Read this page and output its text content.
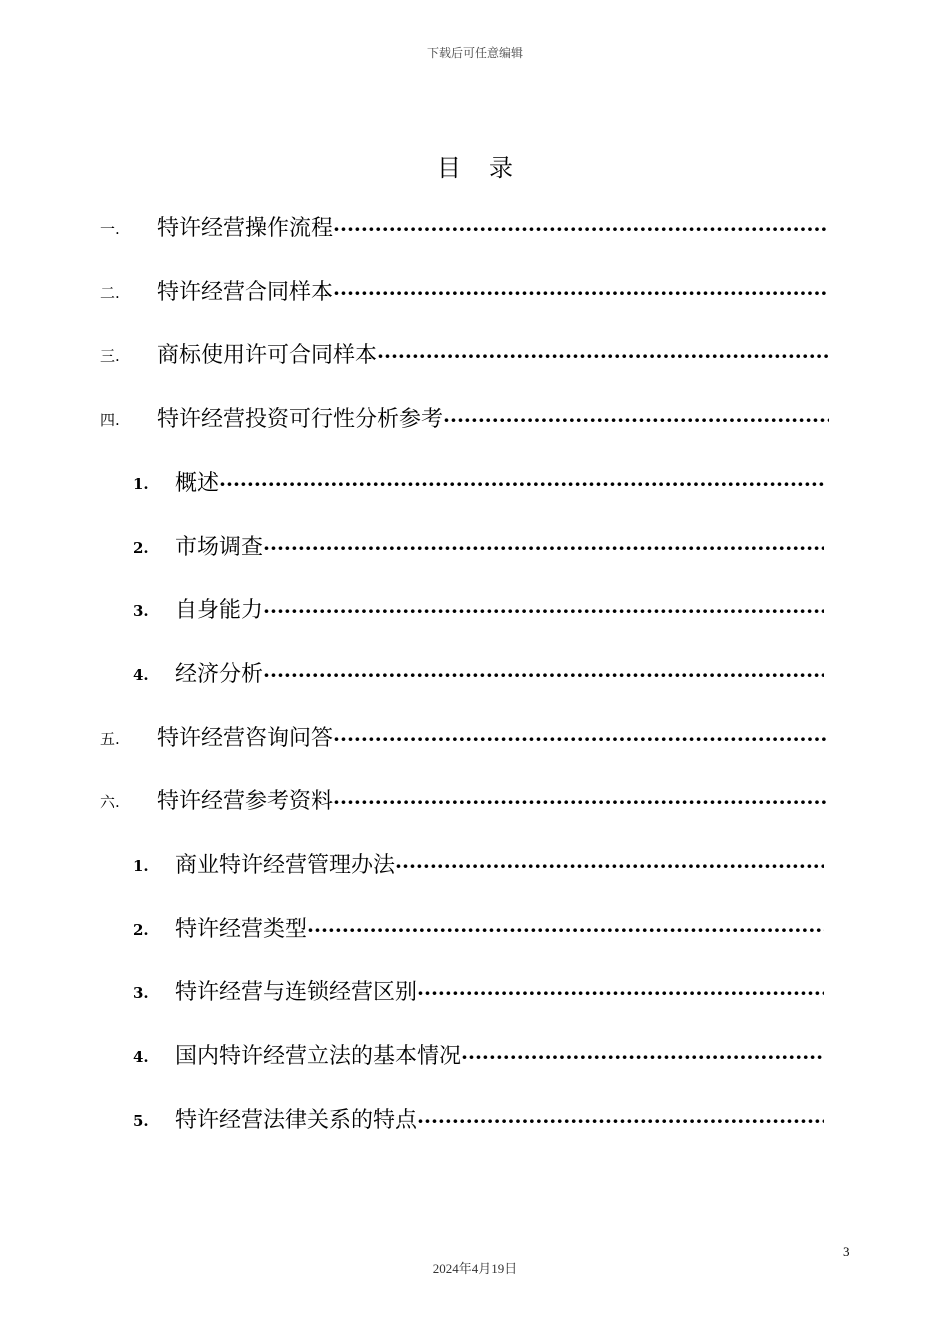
下载后可任意编辑
目录
一. 特许经营操作流程
·····
二. 特许经营合同样本
·····
三. 商标使用许可合同样本
·····
四. 特许经营投资可行性分析参考
·····
1. 概述
·····
2. 市场调查
·····
3. 自身能力
·····
4. 经济分析
·····
五. 特许经营咨询问答
·····
六. 特许经营参考资料
·····
1. 商业特许经营管理办法
·····
2. 特许经营类型
·····
3. 特许经营与连锁经营区别
·····
4. 国内特许经营立法的基本情况
·····
5. 特许经营法律关系的特点
·····
3
2024年4月19日
